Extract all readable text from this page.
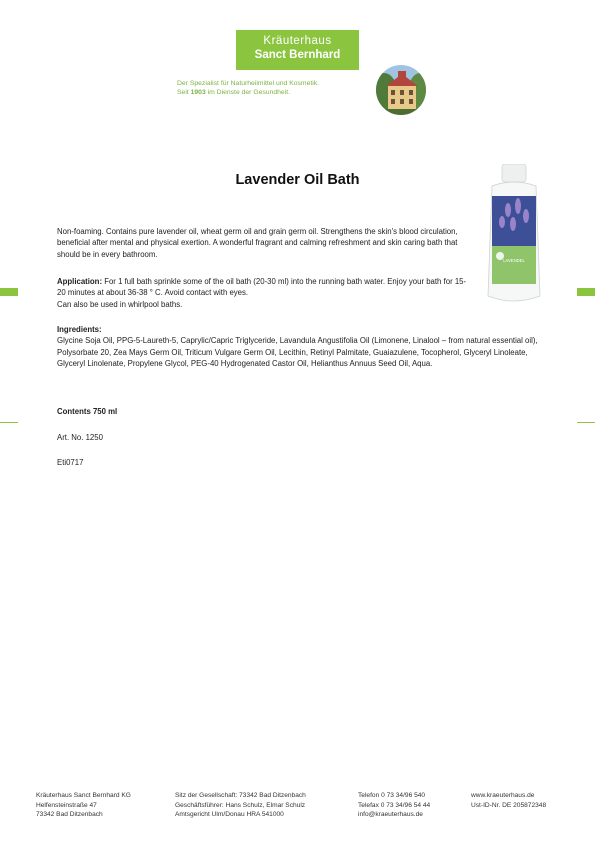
Kräuterhaus
Sanct Bernhard
Der Spezialist für Naturheilmittel und Kosmetik.
Seit 1903 im Dienste der Gesundheit.
Lavender Oil Bath
LAVENDEL
Non-foaming. Contains pure lavender oil, wheat germ oil and grain germ oil. Strengthens the skin's blood circulation, beneficial after mental and physical exertion. A wonderful fragrant and calming refreshment and skin caring bath that should be in every bathroom.
Application: For 1 full bath sprinkle some of the oil bath (20-30 ml) into the running bath water. Enjoy your bath for 15-20 minutes at about 36-38 ° C. Avoid contact with eyes.
Can also be used in whirlpool baths.
Ingredients:
Glycine Soja Oil, PPG-5-Laureth-5, Caprylic/Capric Triglyceride, Lavandula Angustifolia Oil (Limonene, Linalool – from natural essential oil), Polysorbate 20, Zea Mays Germ Oil, Triticum Vulgare Germ Oil, Lecithin, Retinyl Palmitate, Guaiazulene, Tocopherol, Glyceryl Linoleate, Glyceryl Linolenate, Propylene Glycol, PEG-40 Hydrogenated Castor Oil, Helianthus Annuus Seed Oil, Aqua.
Contents 750 ml
Art. No. 1250
Eti0717
Kräuterhaus Sanct Bernhard KG
Helfensteinstraße 47
73342 Bad Ditzenbach
Sitz der Gesellschaft: 73342 Bad Ditzenbach
Geschäftsführer: Hans Schulz, Elmar Schulz
Amtsgericht Ulm/Donau HRA 541000
Telefon 0 73 34/96 540
Telefax 0 73 34/96 54 44
info@kraeuterhaus.de
www.kraeuterhaus.de
Ust-ID-Nr. DE 205872348
